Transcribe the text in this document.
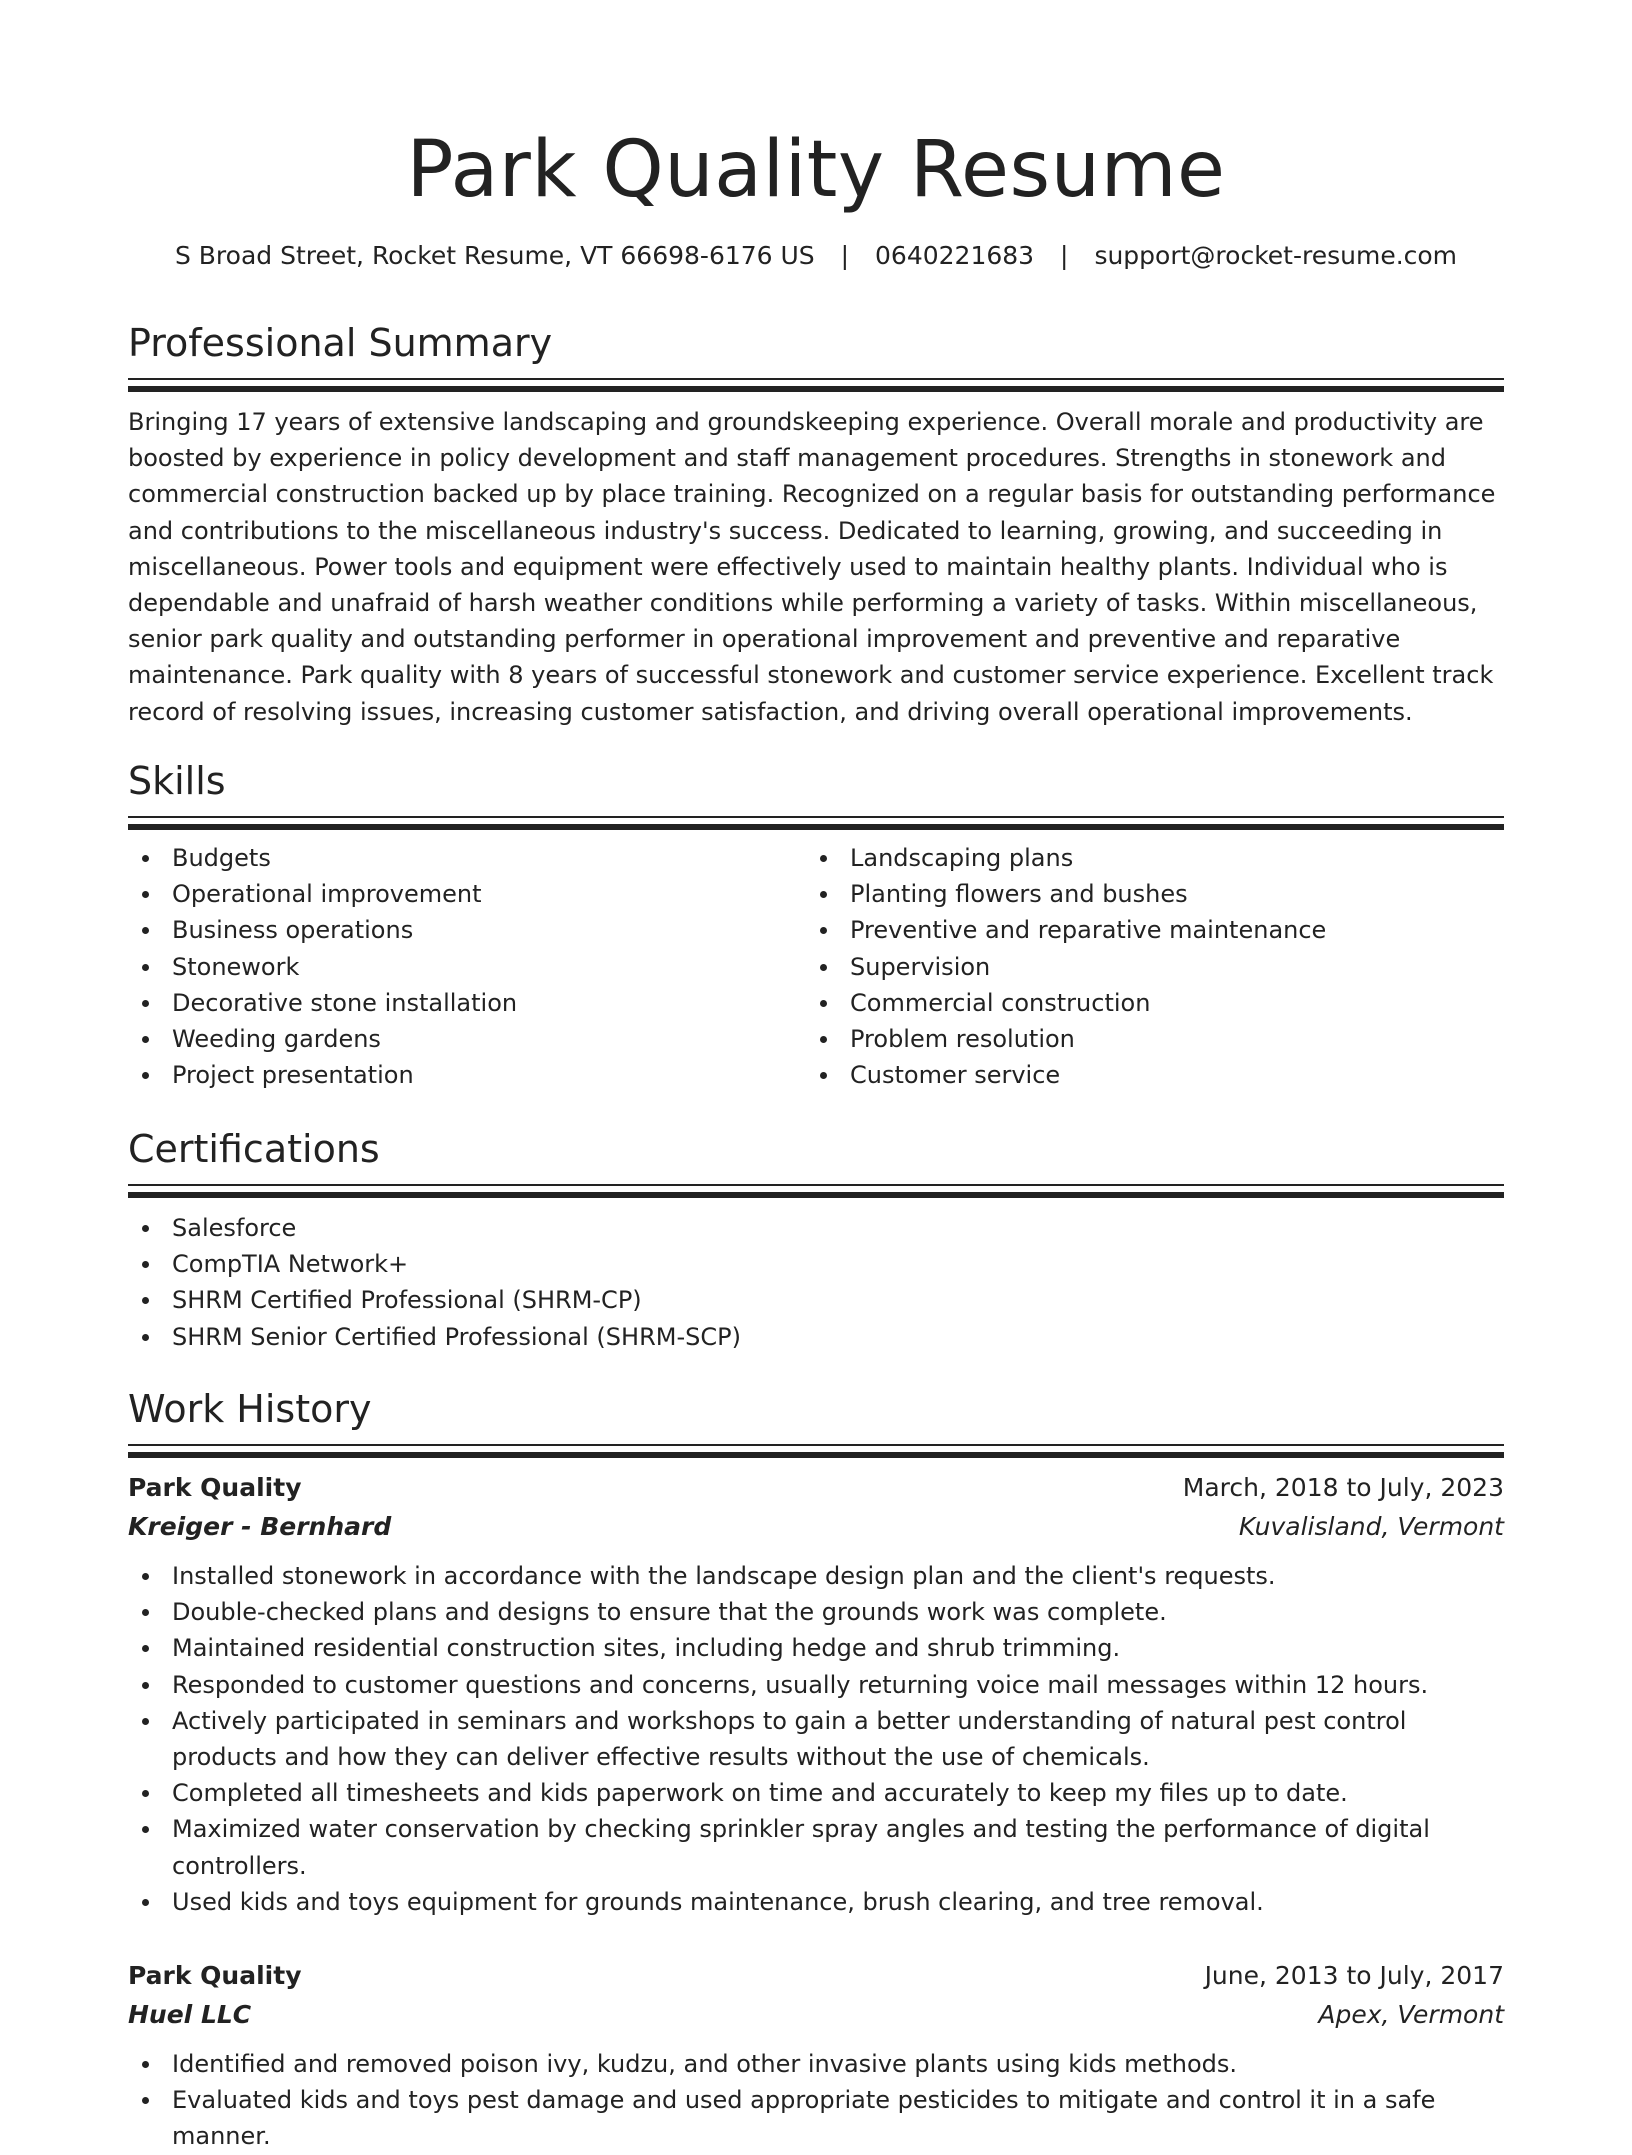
Park Quality Resume
S Broad Street, Rocket Resume, VT 66698-6176 US | 0640221683 | support@rocket-resume.com
Professional Summary

Bringing 17 years of extensive landscaping and groundskeeping experience. Overall morale and productivity are boosted by experience in policy development and staff management procedures. Strengths in stonework and commercial construction backed up by place training. Recognized on a regular basis for outstanding performance and contributions to the miscellaneous industry's success. Dedicated to learning, growing, and succeeding in miscellaneous. Power tools and equipment were effectively used to maintain healthy plants. Individual who is dependable and unafraid of harsh weather conditions while performing a variety of tasks. Within miscellaneous, senior park quality and outstanding performer in operational improvement and preventive and reparative maintenance. Park quality with 8 years of successful stonework and customer service experience. Excellent track record of resolving issues, increasing customer satisfaction, and driving overall operational improvements.

Skills
Budgets
Operational improvement
Business operations
Stonework
Decorative stone installation
Weeding gardens
Project presentation
Landscaping plans
Planting flowers and bushes
Preventive and reparative maintenance
Supervision
Commercial construction
Problem resolution
Customer service
Certifications
Salesforce
CompTIA Network+
SHRM Certified Professional (SHRM-CP)
SHRM Senior Certified Professional (SHRM-SCP)
Work History
Park Quality	March, 2018 to July, 2023
Kreiger - Bernhard	Kuvalisland, Vermont
Installed stonework in accordance with the landscape design plan and the client's requests.
Double-checked plans and designs to ensure that the grounds work was complete.
Maintained residential construction sites, including hedge and shrub trimming.
Responded to customer questions and concerns, usually returning voice mail messages within 12 hours.
Actively participated in seminars and workshops to gain a better understanding of natural pest control products and how they can deliver effective results without the use of chemicals.
Completed all timesheets and kids paperwork on time and accurately to keep my files up to date.
Maximized water conservation by checking sprinkler spray angles and testing the performance of digital controllers.
Used kids and toys equipment for grounds maintenance, brush clearing, and tree removal.
Park Quality	June, 2013 to July, 2017
Huel LLC	Apex, Vermont
Identified and removed poison ivy, kudzu, and other invasive plants using kids methods.
Evaluated kids and toys pest damage and used appropriate pesticides to mitigate and control it in a safe manner.
